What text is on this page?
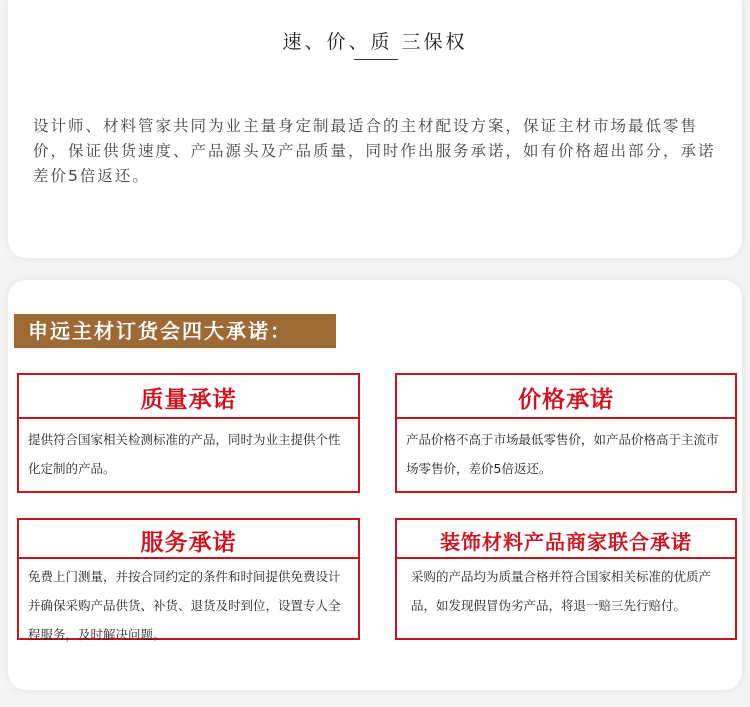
速、价、质 三保权
设计师、材料管家共同为业主量身定制最适合的主材配设方案，保证主材市场最低零售价，保证供货速度、产品源头及产品质量，同时作出服务承诺，如有价格超出部分，承诺差价5倍返还。
申远主材订货会四大承诺：
质量承诺
提供符合国家相关检测标准的产品，同时为业主提供个性化定制的产品。
价格承诺
产品价格不高于市场最低零售价，如产品价格高于主流市场零售价，差价5倍返还。
服务承诺
免费上门测量，并按合同约定的条件和时间提供免费设计并确保采购产品供货、补货、退货及时到位，设置专人全程服务，及时解决问题。
装饰材料产品商家联合承诺
采购的产品均为质量合格并符合国家相关标准的优质产品，如发现假冒伪劣产品，将退一赔三先行赔付。
